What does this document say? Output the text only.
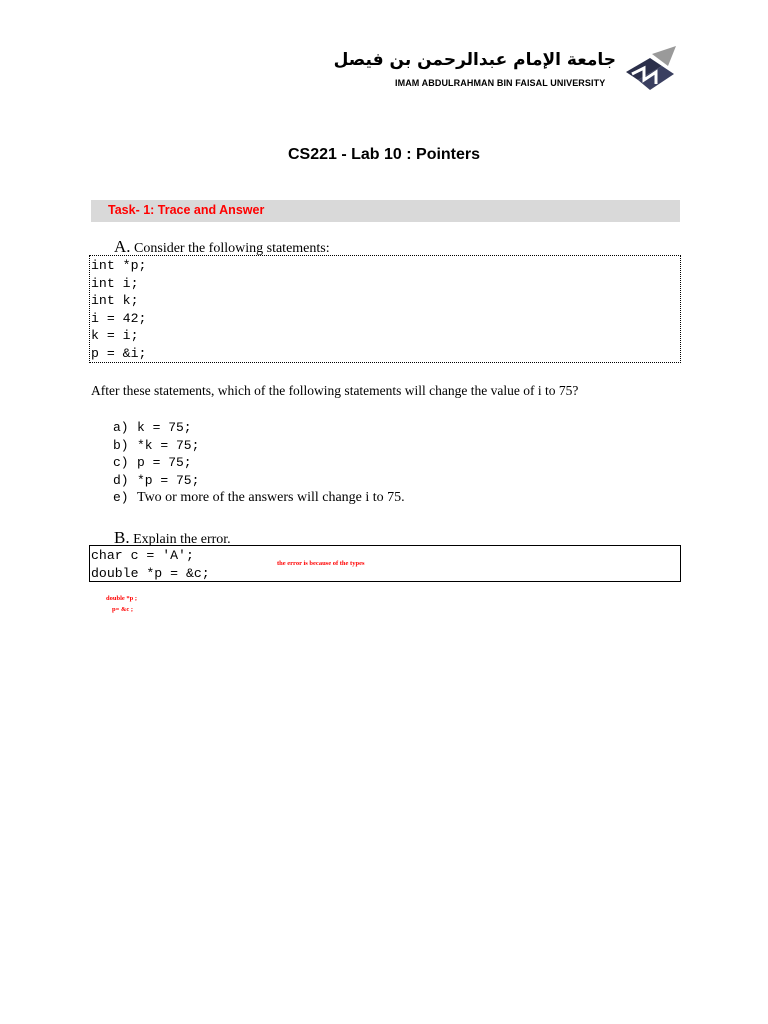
جامعة الإمام عبدالرحمن بن فيصل
IMAM ABDULRAHMAN BIN FAISAL UNIVERSITY
CS221 - Lab 10 : Pointers
Task- 1: Trace and Answer
A. Consider the following statements:
int *p;
int i;
int k;
i = 42;
k = i;
p = &i;
After these statements, which of the following statements will change the value of i to 75?
a) k = 75;
b) *k = 75;
c) p = 75;
d) *p = 75;
e) Two or more of the answers will change i to 75.
B. Explain the error.
char c = 'A';
double *p = &c;
the error is because of the types
double *p ;
p= &c ;
